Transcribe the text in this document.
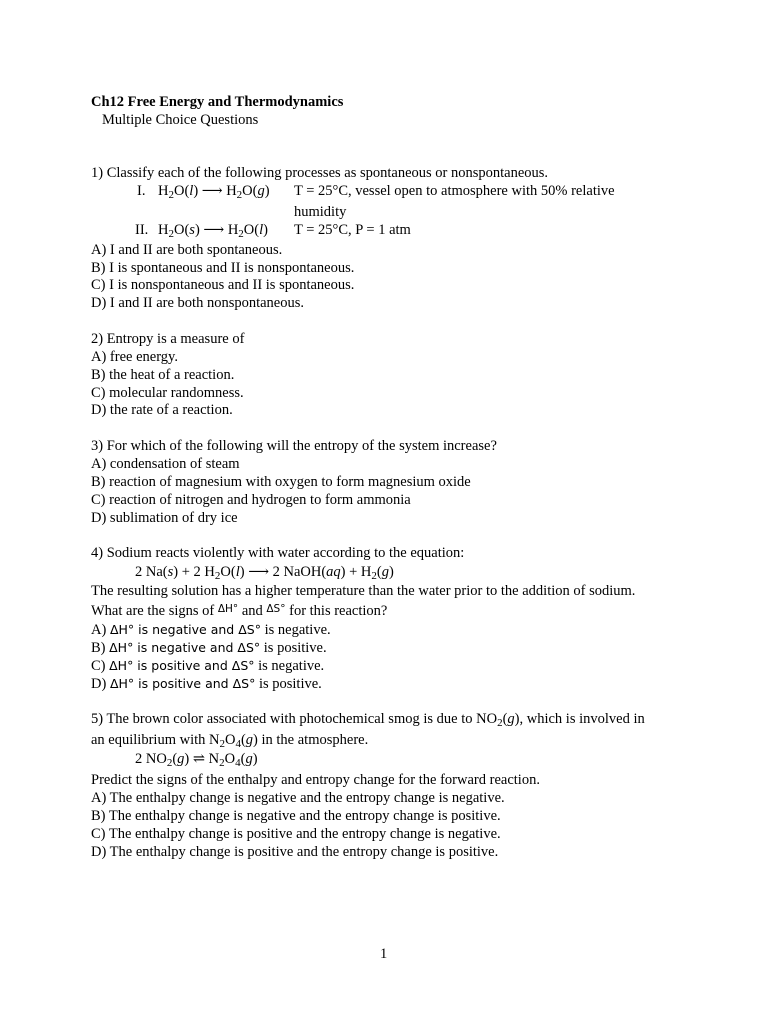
Ch12 Free Energy and Thermodynamics
Multiple Choice Questions
1) Classify each of the following processes as spontaneous or nonspontaneous.
I. $H_2O(l)$ ⟶ $H_2O(g) T = 25^\circ C$, vessel open to atmosphere with 50% relative
humidity
II. $H_2O(s)$ ⟶ $H_2O(l) T = 25^\circ C$, P = 1 atm
A) I and II are both spontaneous.
B) I is spontaneous and II is nonspontaneous.
C) I is nonspontaneous and II is spontaneous.
D) I and II are both nonspontaneous.
2) Entropy is a measure of
A) free energy.
B) the heat of a reaction.
C) molecular randomness.
D) the rate of a reaction.
3) For which of the following will the entropy of the system increase?
A) condensation of steam
B) reaction of magnesium with oxygen to form magnesium oxide
C) reaction of nitrogen and hydrogen to form ammonia
D) sublimation of dry ice
4) Sodium reacts violently with water according to the equation:
2 Na(s) + 2 $H_2O(l)$ ⟶ 2 NaOH(aq) + $H_2(g)$
The resulting solution has a higher temperature than the water prior to the addition of sodium.
What are the signs of $^{\Delta H^\circ}$ and $^{\Delta S^\circ}$ for this reaction?
A) ΔH° is negative and ΔS° is negative.
B) ΔH° is negative and ΔS° is positive.
C) ΔH° is positive and ΔS° is negative.
D) ΔH° is positive and ΔS° is positive.
5) The brown color associated with photochemical smog is due to $NO_2(g)$, which is involved in
an equilibrium with $N_2O_4(g)$ in the atmosphere.
2 $NO_2(g)$ ⇌ $N_2O_4(g)$
Predict the signs of the enthalpy and entropy change for the forward reaction.
A) The enthalpy change is negative and the entropy change is negative.
B) The enthalpy change is negative and the entropy change is positive.
C) The enthalpy change is positive and the entropy change is negative.
D) The enthalpy change is positive and the entropy change is positive.
1
